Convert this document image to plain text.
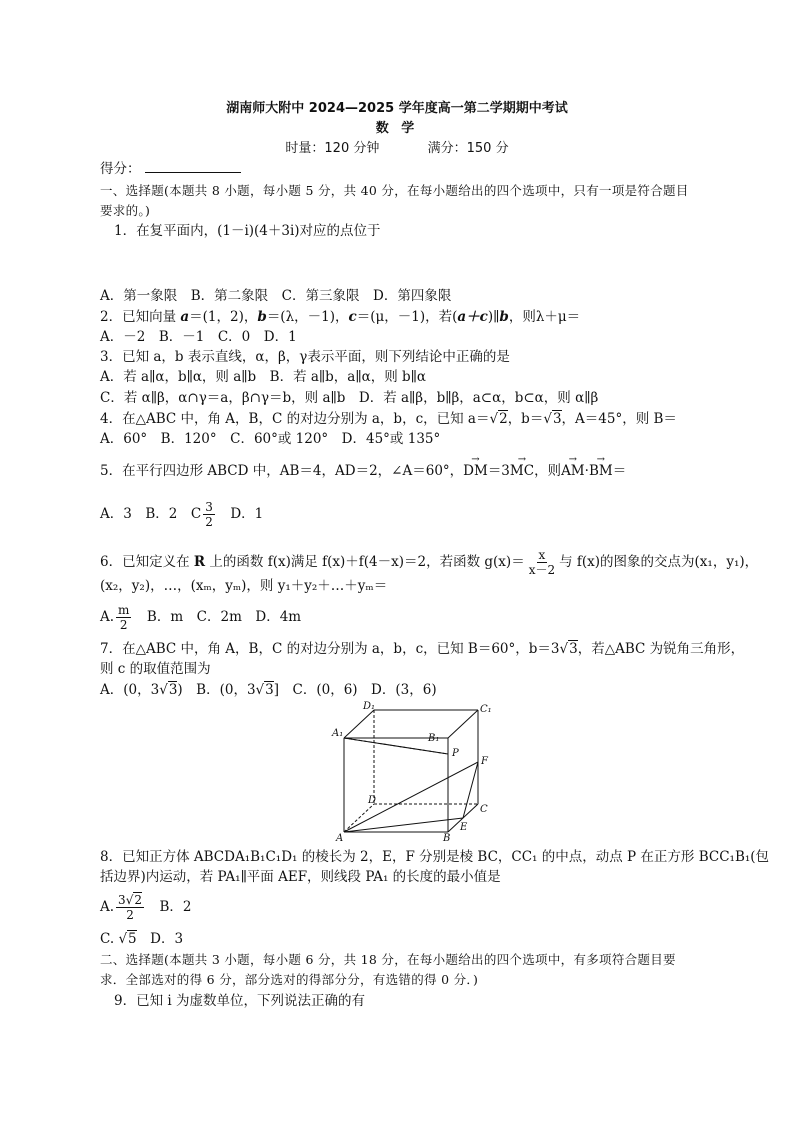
湖南师大附中 2024—2025 学年度高一第二学期期中考试
数 学
时量：120 分钟	满分：150 分
得分：
一、选择题(本题共 8 小题，每小题 5 分，共 40 分，在每小题给出的四个选项中，只有一项是符合题目
要求的。)
1．在复平面内，(1－i)(4＋3i)对应的点位于
A．第一象限　B．第二象限　C．第三象限　D．第四象限
2．已知向量 a＝(1，2)，b＝(λ，－1)，c＝(μ，－1)，若(a＋c)∥b，则λ＋μ＝
A．－2　B．－1　C．0　D．1
3．已知 a，b 表示直线，α，β，γ表示平面，则下列结论中正确的是
A．若 a∥α，b∥α，则 a∥b　B．若 a∥b，a∥α，则 b∥α
C．若 α∥β，α∩γ＝a，β∩γ＝b，则 a∥b　D．若 a∥β，b∥β，a⊂α，b⊂α，则 α∥β
4．在△ABC 中，角 A，B，C 的对边分别为 a，b，c，已知 a＝√2，b＝√3，A＝45°，则 B＝
A．60°　B．120°　C．60°或 120°　D．45°或 135°
5．在平行四边形 ABCD 中，AB＝4，AD＝2，∠A＝60°，→ DM＝3→ MC，则→ AM·→ BM＝
A．3　B．2　C $\frac{3}{2}$ 　D．1
6．已知定义在 R 上的函数 f(x)满足 f(x)＋f(4－x)＝2，若函数 $g(x)= \frac{x}{x-2}$ 与 f(x)的图象的交点为(x₁，y₁)，
(x₂，y₂)，…，(xₘ，yₘ)，则 y₁＋y₂＋…＋yₘ＝
A. $\frac{m}{2}$ 　B．m　C．2m　D．4m
7．在△ABC 中，角 A，B，C 的对边分别为 a，b，c，已知 B＝60°，b＝3√3，若△ABC 为锐角三角形，
则 c 的取值范围为
A．(0，3√3)　B．(0，3√3]　C．(0，6)　D．(3，6)
D₁	C₁
A₁	B₁
P
F
D
C
E
A	B
8．已知正方体 ABCDA₁B₁C₁D₁ 的棱长为 2，E，F 分别是棱 BC，CC₁ 的中点，动点 P 在正方形 BCC₁B₁(包
括边界)内运动，若 PA₁∥平面 AEF，则线段 PA₁ 的长度的最小值是
A. $\frac{3√2}{2}$ 　B．2
C. √5　D．3
二、选择题(本题共 3 小题，每小题 6 分，共 18 分，在每小题给出的四个选项中，有多项符合题目要
求．全部选对的得 6 分，部分选对的得部分分，有选错的得 0 分．)
9．已知 i 为虚数单位，下列说法正确的有
